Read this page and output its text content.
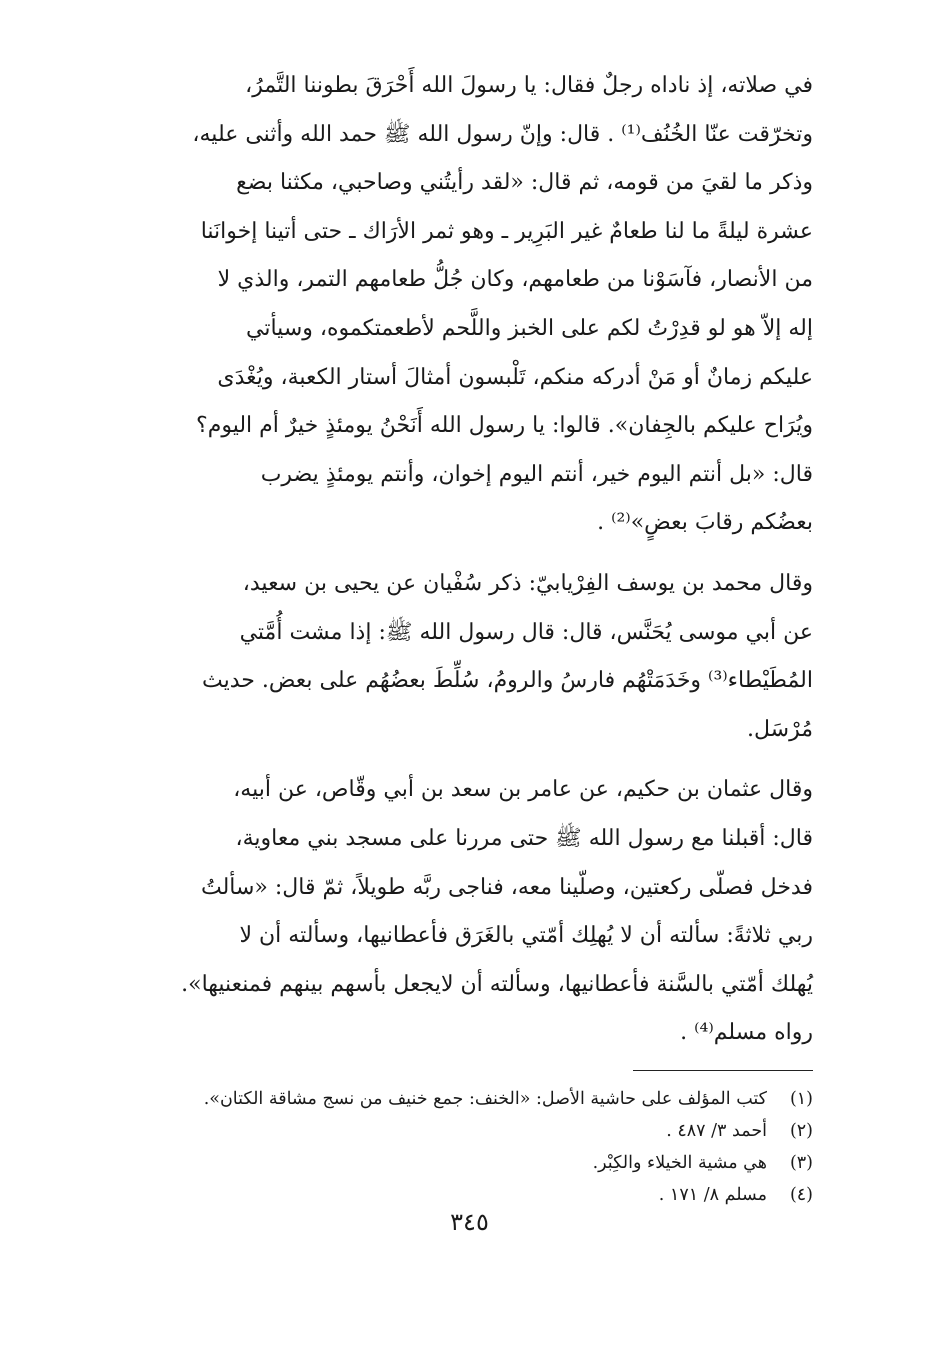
في صلاته، إذ ناداه رجلٌ فقال: يا رسولَ الله أَحْرَقَ بطوننا التَّمرُ،

وتخرّقت عنّا الخُنُف⁽¹⁾ . قال: وإنّ رسول الله ﷺ حمد الله وأثنى عليه،

وذكر ما لقيَ من قومه، ثم قال: «لقد رأيتُني وصاحبي، مكثنا بضع

عشرة ليلةً ما لنا طعامٌ غير البَرِير ـ وهو ثمر الأرَاك ـ حتى أتينا إخوانَنا

من الأنصار، فآسَوْنا من طعامهم، وكان جُلُّ طعامهم التمر، والذي لا

إله إلاّ هو لو قدِرْتُ لكم على الخبز واللَّحم لأطعمتكموه، وسيأتي

عليكم زمانٌ أو مَنْ أدركه منكم، تَلْبسون أمثالَ أستار الكعبة، ويُغْدَى

ويُرَاح عليكم بالجِفان». قالوا: يا رسول الله أَنَحْنُ يومئذٍ خيرٌ أم اليوم؟

قال: «بل أنتم اليوم خير، أنتم اليوم إخوان، وأنتم يومئذٍ يضرب

بعضُكم رقابَ بعضٍ»⁽²⁾ .

وقال محمد بن يوسف الفِرْيابيّ: ذكر سُفْيان عن يحيى بن سعيد،

عن أبي موسى يُحَنَّس، قال: قال رسول الله ﷺ: إذا مشت أُمَّتي

المُطَيْطاء⁽³⁾ وخَدَمَتْهُم فارسُ والرومُ، سُلِّطَ بعضُهُم على بعض. حديث

مُرْسَل.

وقال عثمان بن حكيم، عن عامر بن سعد بن أبي وقّاص، عن أبيه،

قال: أقبلنا مع رسول الله ﷺ حتى مررنا على مسجد بني معاوية،

فدخل فصلّى ركعتين، وصلّينا معه، فناجى ربَّه طويلاً، ثمّ قال: «سألتُ

ربي ثلاثةً: سألته أن لا يُهلِك أمّتي بالغَرَق فأعطانيها، وسألته أن لا

يُهلك أمّتي بالسَّنة فأعطانيها، وسألته أن لايجعل بأسهم بينهم فمنعنيها».

رواه مسلم⁽⁴⁾ .

(١)
كتب المؤلف على حاشية الأصل: «الخنف: جمع خنيف من نسج مشاقة الكتان».
(٢)
أحمد ٣/ ٤٨٧ .
(٣)
هي مشية الخيلاء والكِبْر.
(٤)
مسلم ٨/ ١٧١ .
٣٤٥
